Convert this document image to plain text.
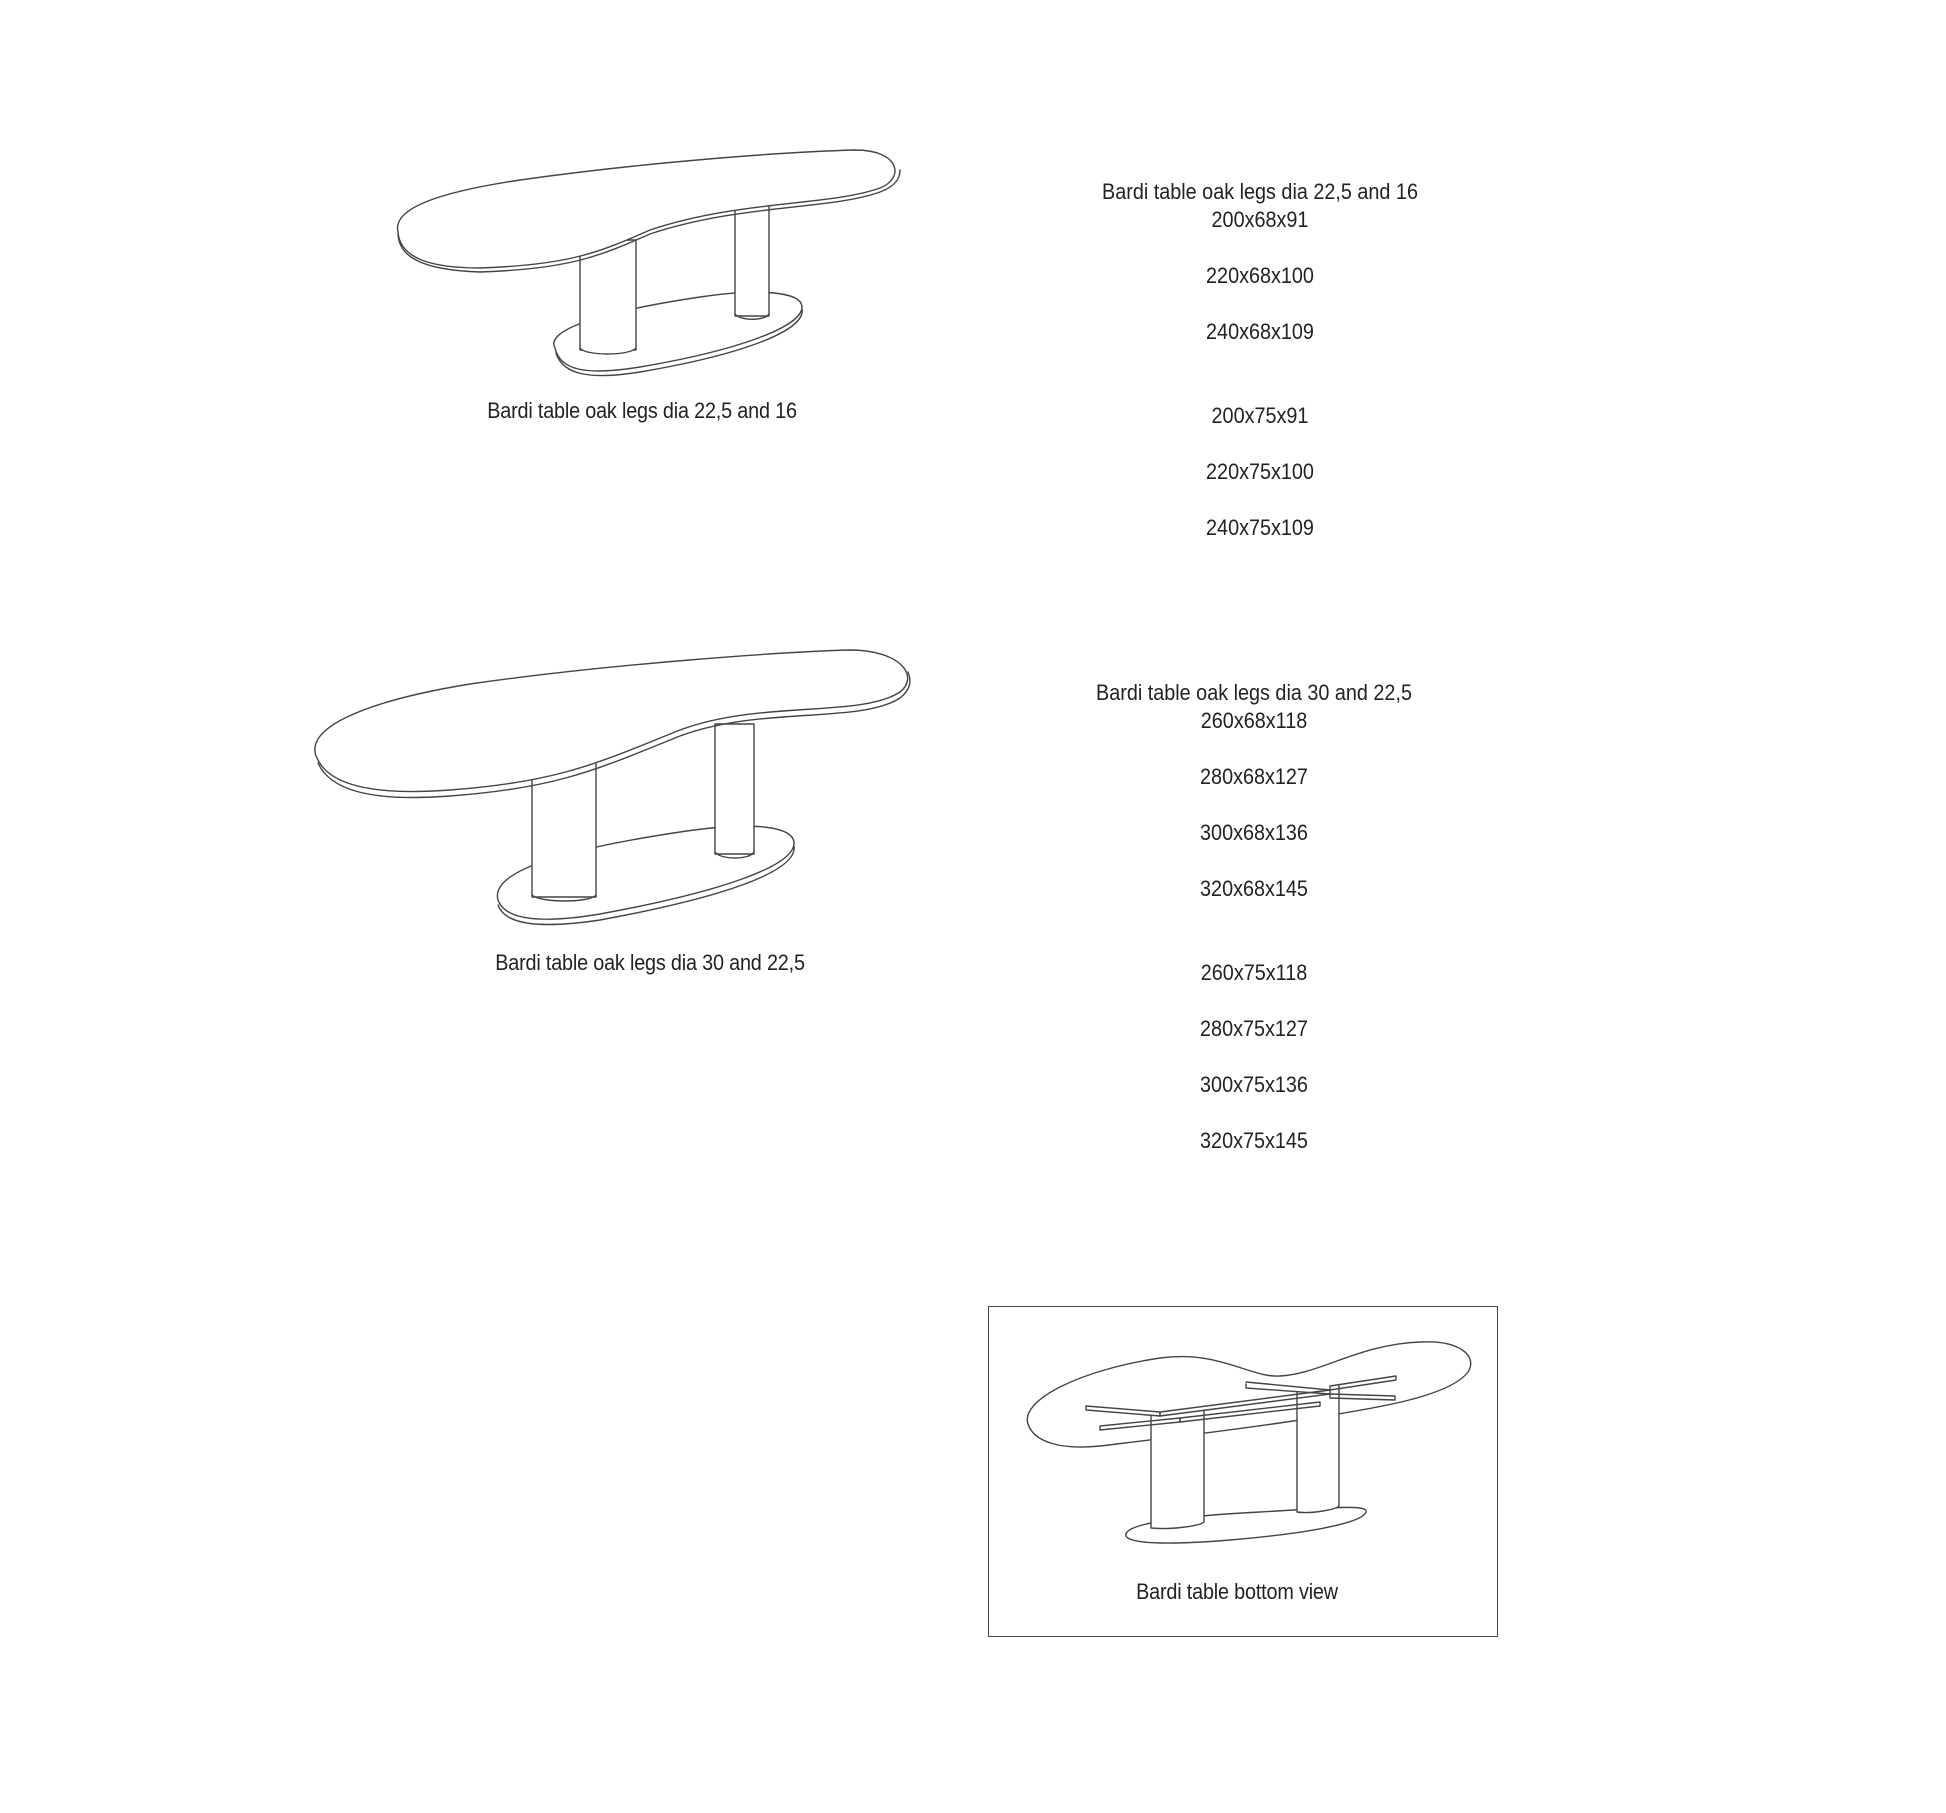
Bardi table oak legs dia 22,5 and 16
Bardi table oak legs dia 30 and 22,5
Bardi table oak legs dia 22,5 and 16
200x68x91
220x68x100
240x68x109
200x75x91
220x75x100
240x75x109
Bardi table oak legs dia 30 and 22,5
260x68x118
280x68x127
300x68x136
320x68x145
260x75x118
280x75x127
300x75x136
320x75x145
Bardi table bottom view
